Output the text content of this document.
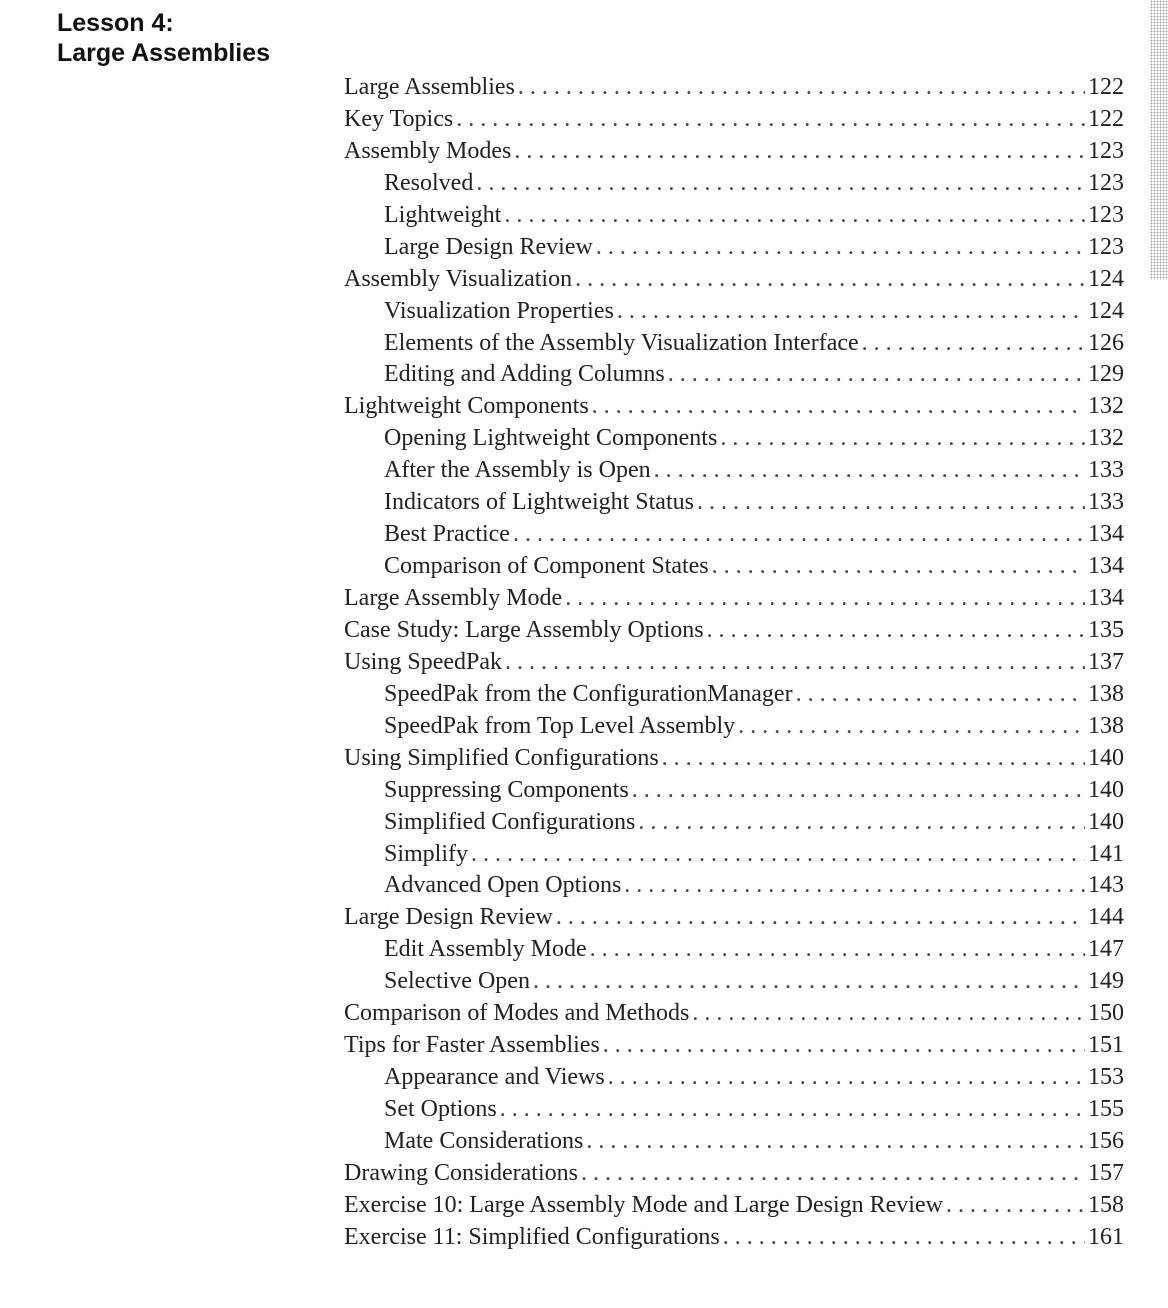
Lesson 4:
Large Assemblies
Large Assemblies . . .	122
Key Topics . . .	122
Assembly Modes . . .	123
Resolved . . .	123
Lightweight . . .	123
Large Design Review . . .	123
Assembly Visualization . . .	124
Visualization Properties . . .	124
Elements of the Assembly Visualization Interface . . .	126
Editing and Adding Columns . . .	129
Lightweight Components . . .	132
Opening Lightweight Components . . .	132
After the Assembly is Open . . .	133
Indicators of Lightweight Status . . .	133
Best Practice . . .	134
Comparison of Component States . . .	134
Large Assembly Mode . . .	134
Case Study: Large Assembly Options . . .	135
Using SpeedPak . . .	137
SpeedPak from the ConfigurationManager . . .	138
SpeedPak from Top Level Assembly . . .	138
Using Simplified Configurations . . .	140
Suppressing Components . . .	140
Simplified Configurations . . .	140
Simplify . . .	141
Advanced Open Options . . .	143
Large Design Review . . .	144
Edit Assembly Mode . . .	147
Selective Open . . .	149
Comparison of Modes and Methods . . .	150
Tips for Faster Assemblies . . .	151
Appearance and Views . . .	153
Set Options . . .	155
Mate Considerations . . .	156
Drawing Considerations . . .	157
Exercise 10: Large Assembly Mode and Large Design Review . . .	158
Exercise 11: Simplified Configurations . . .	161
